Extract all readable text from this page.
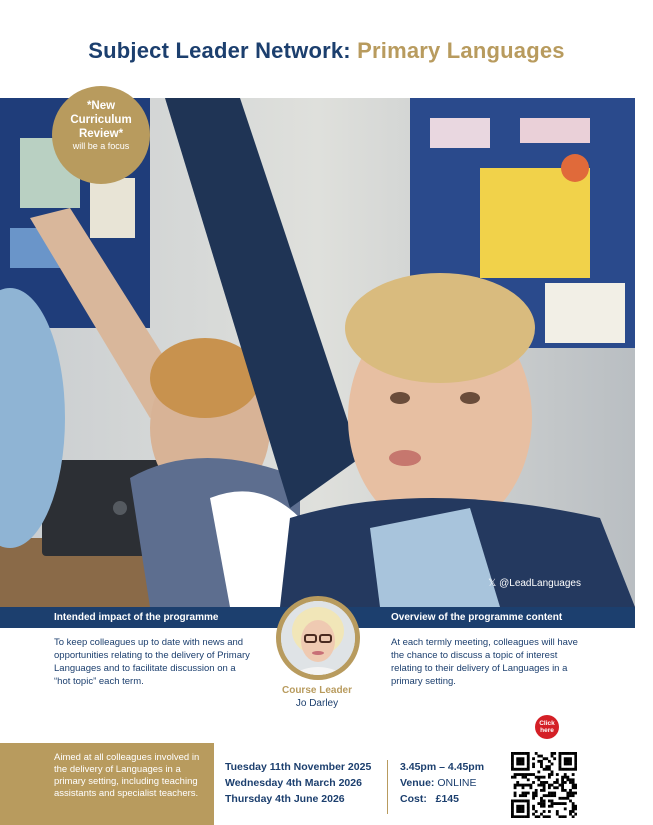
Subject Leader Network: Primary Languages
𝕏 @LeadLanguages
*New
Curriculum
Review*
will be a focus
Intended impact of the programme	Overview of the programme content
To keep colleagues up to date with news and opportunities relating to the delivery of Primary Languages and to facilitate discussion on a “hot topic” each term.
At each termly meeting, colleagues will have the chance to discuss a topic of interest relating to their delivery of Languages in a primary setting.
Course Leader
Jo Darley
Click
here
Aimed at all colleagues involved in the delivery of Languages in a primary setting, including teaching assistants and specialist teachers.
Tuesday 11th November 2025
Wednesday 4th March 2026
Thursday 4th June 2026
3.45pm – 4.45pm
Venue: ONLINE
Cost: £145
